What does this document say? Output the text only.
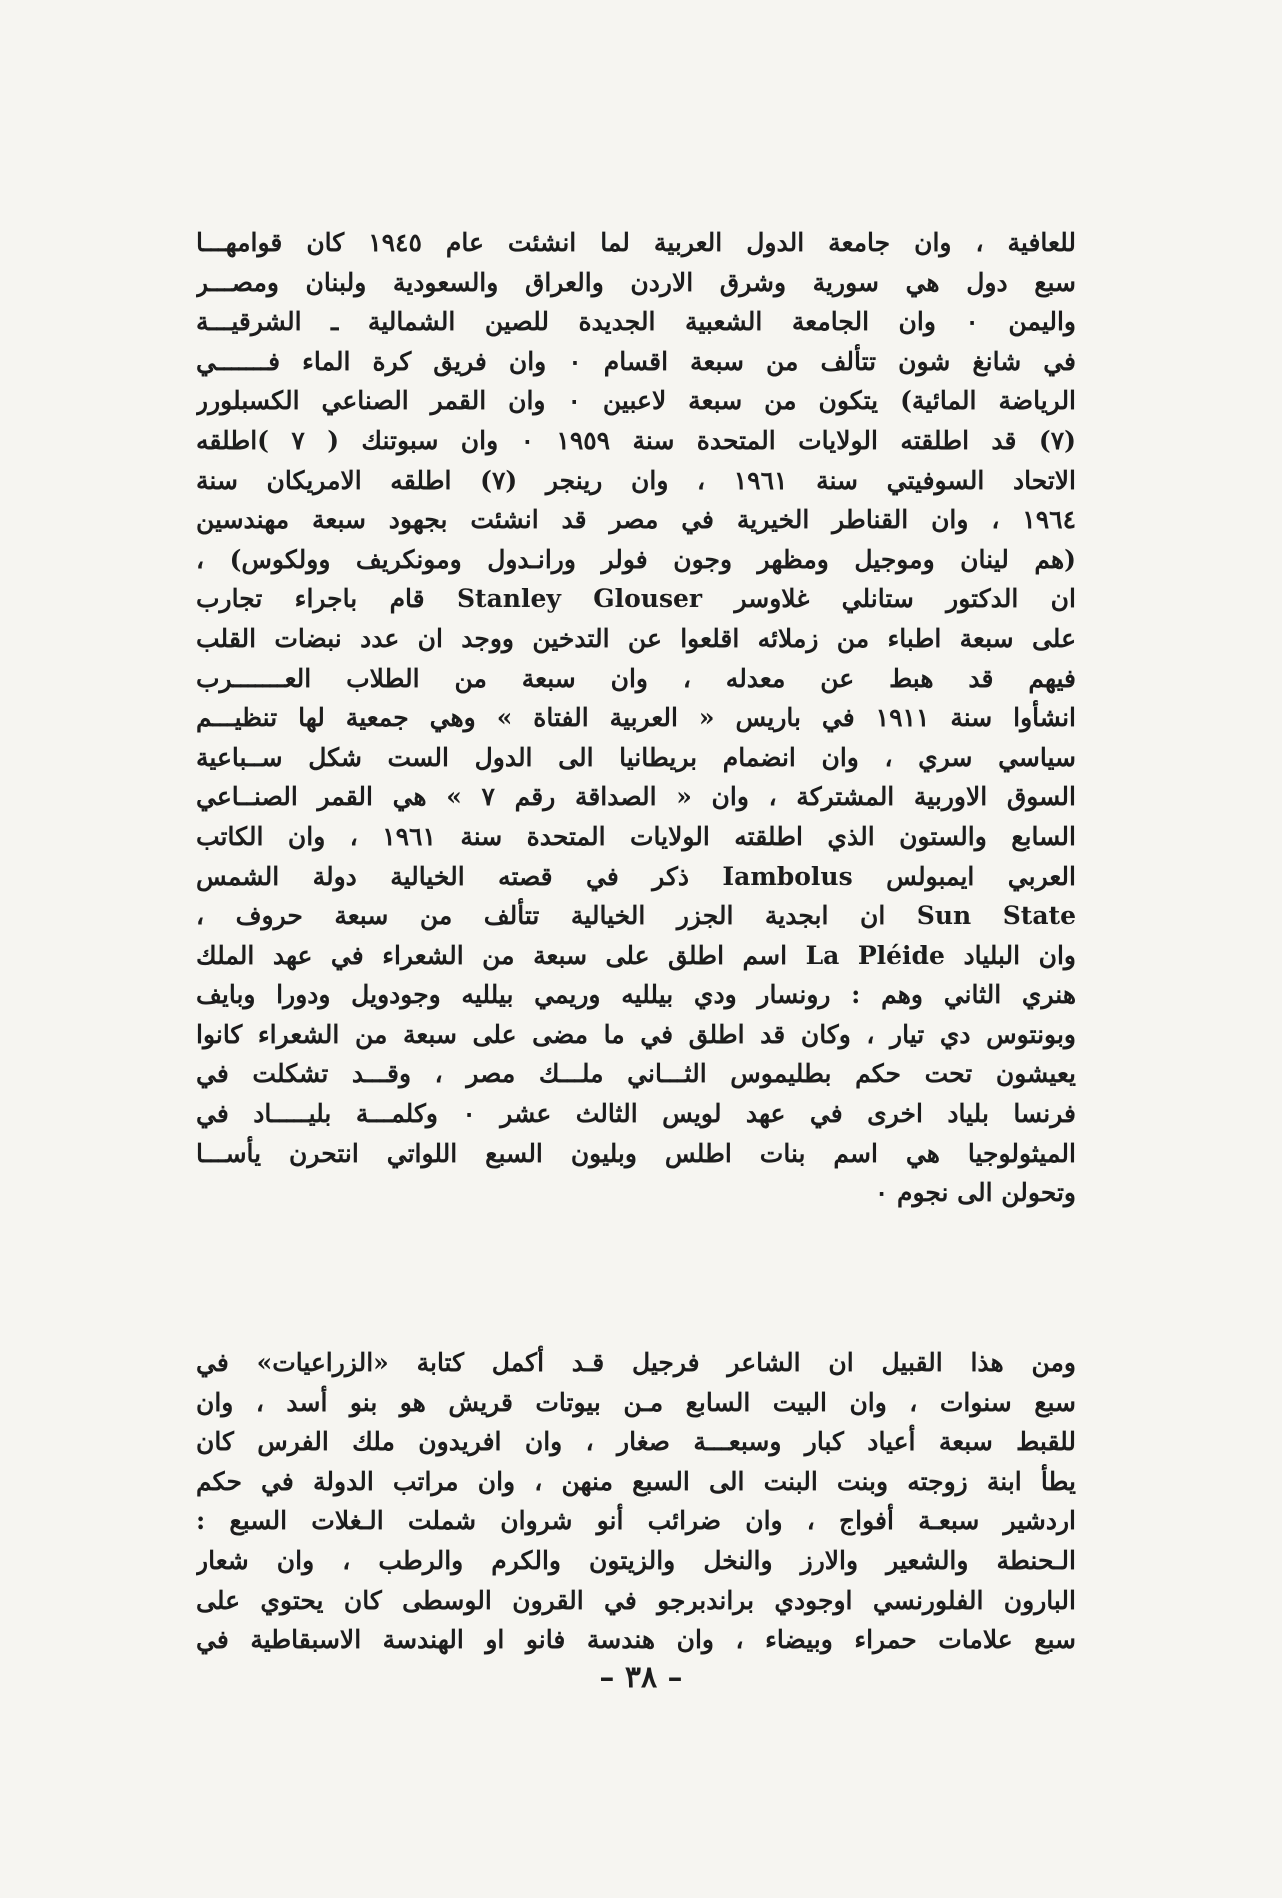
للعافية ، وان جامعة الدول العربية لما انشئت عام ١٩٤٥ كان قوامهـــا
سبع دول هي سورية وشرق الاردن والعراق والسعودية ولبنان ومصـــر
واليمن ٠ وان الجامعة الشعبية الجديدة للصين الشمالية ـ الشرقيـــة
في شانغ شون تتألف من سبعة اقسام ٠ وان فريق كرة الماء فـــــــي
الرياضة المائية) يتكون من سبعة لاعبين ٠ وان القمر الصناعي الكسبلورر
(٧) قد اطلقته الولايات المتحدة سنة ١٩٥٩ ٠ وان سبوتنك ( ٧ )اطلقه
الاتحاد السوفيتي سنة ١٩٦١ ، وان رينجر (٧) اطلقه الامريكان سنة
١٩٦٤ ، وان القناطر الخيرية في مصر قد انشئت بجهود سبعة مهندسين
(هم لينان وموجيل ومظهر وجون فولر ورانـدول ومونكريف وولكوس) ،
ان الدكتور ستانلي غلاوسر Stanley Glouser قام باجراء تجارب
على سبعة اطباء من زملائه اقلعوا عن التدخين ووجد ان عدد نبضات القلب
فيهم قد هبط عن معدله ، وان سبعة من الطلاب العـــــــرب
انشأوا سنة ١٩١١ في باريس « العربية الفتاة » وهي جمعية لها تنظيـــم
سياسي سري ، وان انضمام بريطانيا الى الدول الست شكل ســباعية
السوق الاوربية المشتركة ، وان « الصداقة رقم ٧ » هي القمر الصنــاعي
السابع والستون الذي اطلقته الولايات المتحدة سنة ١٩٦١ ، وان الكاتب
العربي ايمبولس Iambolus ذكر في قصته الخيالية دولة الشمس
Sun State ان ابجدية الجزر الخيالية تتألف من سبعة حروف ،
وان البلياد La Pléide اسم اطلق على سبعة من الشعراء في عهد الملك
هنري الثاني وهم : رونسار ودي بيلليه وريمي بيلليه وجودويل ودورا وبايف
وبونتوس دي تيار ، وكان قد اطلق في ما مضى على سبعة من الشعراء كانوا
يعيشون تحت حكم بطليموس الثـــاني ملـــك مصر ، وقـــد تشكلت في
فرنسا بلياد اخرى في عهد لويس الثالث عشر ٠ وكلمـــة بليـــــاد في
الميثولوجيا هي اسم بنات اطلس وبليون السبع اللواتي انتحرن يأســـا
وتحولن الى نجوم ٠
ومن هذا القبيل ان الشاعر فرجيل قـد أكمل كتابة «الزراعيات» في
سبع سنوات ، وان البيت السابع مـن بيوتات قريش هو بنو أسد ، وان
للقبط سبعة أعياد كبار وسبعـــة صغار ، وان افريدون ملك الفرس كان
يطأ ابنة زوجته وبنت البنت الى السبع منهن ، وان مراتب الدولة في حكم
اردشير سبعـة أفواج ، وان ضرائب أنو شروان شملت الـغلات السبع :
الـحنطة والشعير والارز والنخل والزيتون والكرم والرطب ، وان شعار
البارون الفلورنسي اوجودي براندبرجو في القرون الوسطى كان يحتوي على
سبع علامات حمراء وبيضاء ، وان هندسة فانو او الهندسة الاسبقاطية في
– ٣٨ –
